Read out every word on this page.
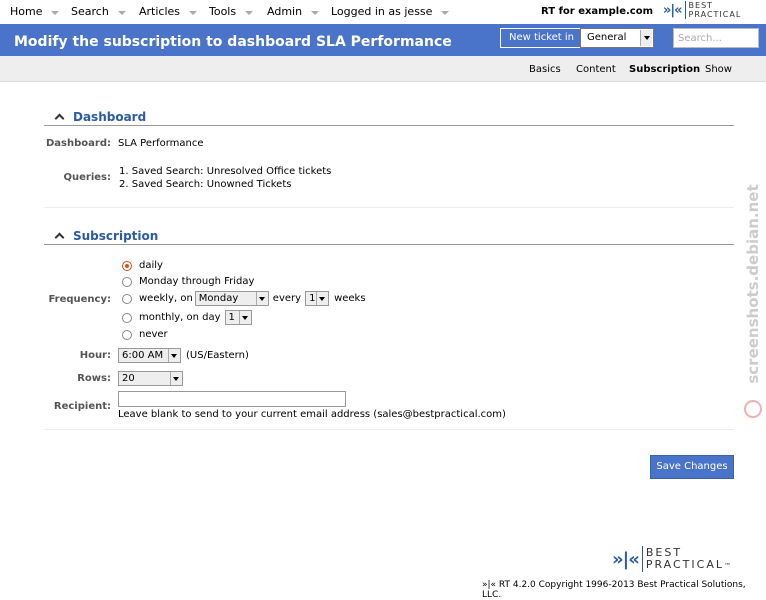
Home	Search	Articles	Tools	Admin	Logged in as jesse	RT for example.com »|« BEST
PRACTICAL
Modify the subscription to dashboard SLA Performance	New ticket in	General
Search...
Basics Content Subscription Show
Dashboard
Dashboard: SLA Performance
Queries:
1. Saved Search: Unresolved Office tickets
2. Saved Search: Unowned Tickets
Subscription
Frequency:
daily
Monday through Friday
weekly, on Monday	every 1	weeks
monthly, on day 1
never
Hour:	6:00 AM	(US/Eastern)
Rows:	20
Recipient:
Leave blank to send to your current email address (sales@bestpractical.com)
Save Changes
»|« BEST
PRACTICAL™
»|« RT 4.2.0 Copyright 1996-2013 Best Practical Solutions, LLC.
screenshots.debian.net
